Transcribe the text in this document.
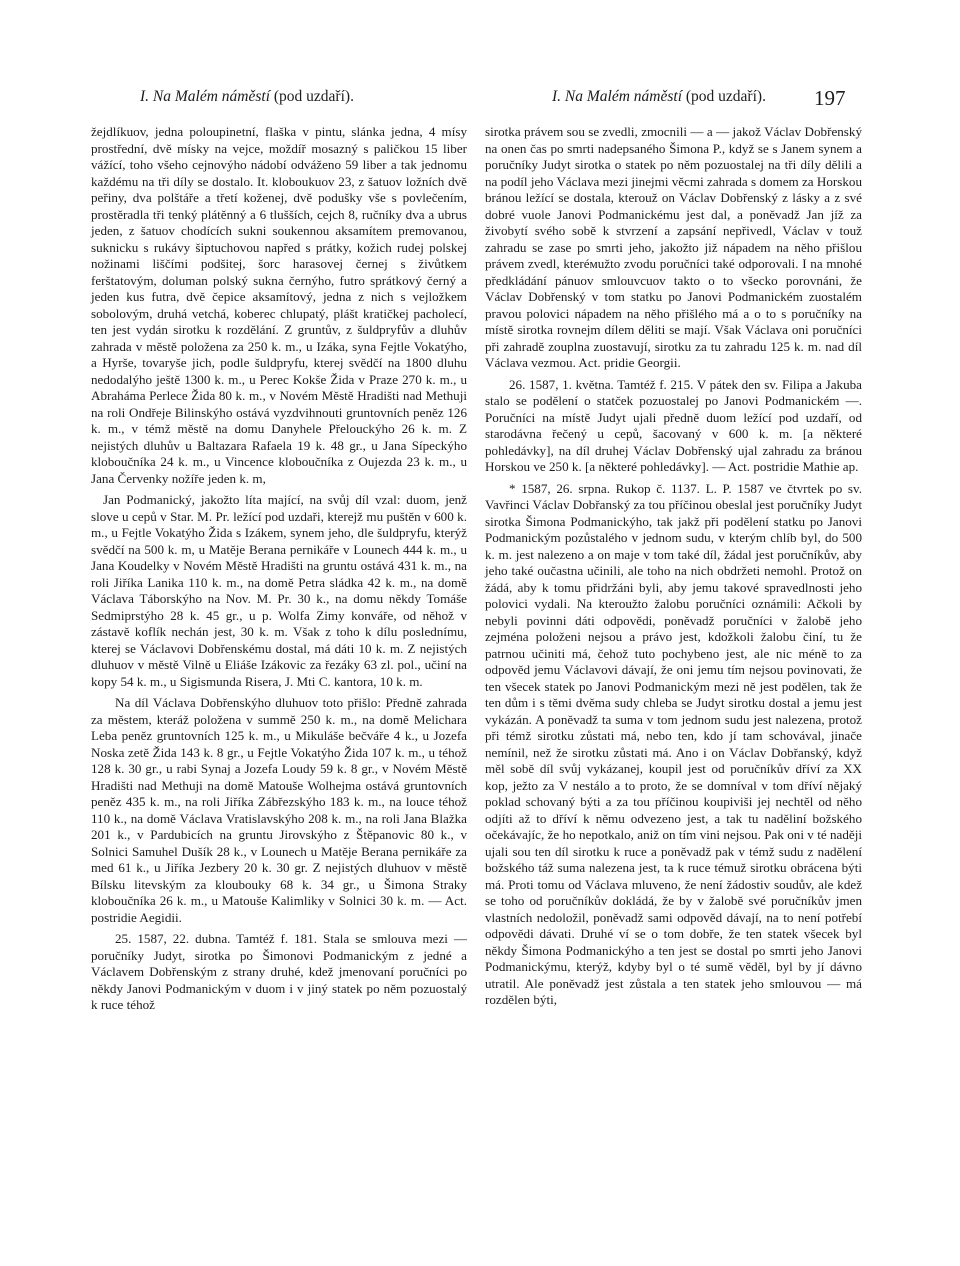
I. Na Malém náměstí (pod uzdaří).	I. Na Malém náměstí (pod uzdaří). 197

žejdlíkuov, jedna poloupinetní, flaška v pintu, slánka jedna, 4 mísy prostřední, dvě mísky na vejce, moždíř mosazný s paličkou 15 liber vážící, toho všeho cejnovýho nádobí odváženo 59 liber a tak jednomu každému na tři díly se dostalo. It. kloboukuov 23, z šatuov ložních dvě peřiny, dva polštáře a třetí koženej, dvě podušky vše s povlečením, prostěradla tři tenký plátěnný a 6 tlušších, cejch 8, ručníky dva a ubrus jeden, z šatuov chodících sukni soukennou aksamítem premovanou, suknicku s rukávy šiptuchovou napřed s prátky, kožich rudej polskej nožinami liščími podšitej, šorc harasovej černej s živůtkem ferštatovým, doluman polský sukna černýho, futro sprátkový černý a jeden kus futra, dvě čepice aksamítový, jedna z nich s vejložkem sobolovým, druhá vetchá, koberec chlupatý, plášt kratičkej pacholecí, ten jest vydán sirotku k rozdělání. Z gruntův, z šuldpryfův a dluhův zahrada v městě položena za 250 k. m., u Izáka, syna Fejtle Vokatýho, a Hyrše, tovaryše jich, podle šuldpryfu, kterej svědčí na 1800 dluhu nedodalýho ještě 1300 k. m., u Perec Kokše Žida v Praze 270 k. m., u Abraháma Perlece Žida 80 k. m., v Novém Městě Hradišti nad Methuji na roli Ondřeje Bilinskýho ostává vyzdvihnouti gruntovních peněz 126 k. m., v témž městě na domu Danyhele Přelouckýho 26 k. m. Z nejistých dluhův u Baltazara Rafaela 19 k. 48 gr., u Jana Sípeckýho kloboučníka 24 k. m., u Vincence kloboučníka z Oujezda 23 k. m., u Jana Červenky nožíře jeden k. m,

Jan Podmanický, jakožto líta mající, na svůj díl vzal: duom, jenž slove u cepů v Star. M. Pr. ležící pod uzdaři, kterejž mu puštěn v 600 k. m., u Fejtle Vokatýho Žida s Izákem, synem jeho, dle šuldpryfu, kterýž svědčí na 500 k. m, u Matěje Berana pernikáře v Lounech 444 k. m., u Jana Koudelky v Novém Městě Hradišti na gruntu ostává 431 k. m., na roli Jiříka Lanika 110 k. m., na domě Petra sládka 42 k. m., na domě Václava Táborskýho na Nov. M. Pr. 30 k., na domu někdy Tomáše Sedmiprstýho 28 k. 45 gr., u p. Wolfa Zimy konváře, od něhož v zástavě koflík nechán jest, 30 k. m. Však z toho k dílu poslednímu, kterej se Václavovi Dobřenskému dostal, má dáti 10 k. m. Z nejistých dluhuov v městě Vilně u Eliáše Izákovic za řezáky 63 zl. pol., učiní na kopy 54 k. m., u Sigismunda Risera, J. Mti C. kantora, 10 k. m.

Na díl Václava Dobřenskýho dluhuov toto přišlo: Předně zahrada za městem, kteráž položena v summě 250 k. m., na domě Melichara Leba peněz gruntovních 125 k. m., u Mikuláše bečváře 4 k., u Jozefa Noska zetě Žida 143 k. 8 gr., u Fejtle Vokatýho Žida 107 k. m., u téhož 128 k. 30 gr., u rabi Synaj a Jozefa Loudy 59 k. 8 gr., v Novém Městě Hradišti nad Methuji na domě Matouše Wolhejma ostává gruntovních peněz 435 k. m., na roli Jiříka Zábřezskýho 183 k. m., na louce téhož 110 k., na domě Václava Vratislavskýho 208 k. m., na roli Jana Blažka 201 k., v Pardubicích na gruntu Jirovskýho z Štěpanovic 80 k., v Solnici Samuhel Dušík 28 k., v Lounech u Matěje Berana pernikáře za med 61 k., u Jiříka Jezbery 20 k. 30 gr. Z nejistých dluhuov v městě Bílsku litevským za kloubouky 68 k. 34 gr., u Šimona Straky kloboučníka 26 k. m., u Matouše Kalimliky v Solnici 30 k. m. — Act. postridie Aegidii.

25. 1587, 22. dubna. Tamtéž f. 181. Stala se smlouva mezi — poručníky Judyt, sirotka po Šimonovi Podmanickým z jedné a Václavem Dobřenským z strany druhé, kdež jmenovaní poručníci po někdy Janovi Podmanickým v duom i v jiný statek po něm pozuostalý k ruce téhož

sirotka právem sou se zvedli, zmocnili — a — jakož Václav Dobřenský na onen čas po smrti nadepsaného Šimona P., když se s Janem synem a poručníky Judyt sirotka o statek po něm pozuostalej na tři díly dělili a na podíl jeho Václava mezi jinejmi věcmi zahrada s domem za Horskou bránou ležící se dostala, kterouž on Václav Dobřenský z lásky a z své dobré vuole Janovi Podmanickému jest dal, a poněvadž Jan jíž za živobytí svého sobě k stvrzení a zapsání nepřivedl, Václav v touž zahradu se zase po smrti jeho, jakožto již nápadem na něho přišlou právem zvedl, kteréмužto zvodu poručníci také odporovali. I na mnohé předkládání pánuov smlouvcuov takto o to všecko porovnáni, že Václav Dobřenský v tom statku po Janovi Podmanickém zuostalém pravou polovici nápadem na něho přišlého má a o to s poručníky na místě sirotka rovnejm dílem děliti se mají. Však Václava oni poručníci při zahradě zouplna zuostavují, sirotku za tu zahradu 125 k. m. nad díl Václava vezmou. Act. pridie Georgii.

26. 1587, 1. května. Tamtéž f. 215. V pátek den sv. Filipa a Jakuba stalo se podělení o statček pozuostalej po Janovi Podmanickém —. Poručníci na místě Judyt ujali předně duom ležící pod uzdaří, od starodávna řečený u cepů, šacovaný v 600 k. m. [a některé pohledávky], na díl druhej Václav Dobřenský ujal zahradu za bránou Horskou ve 250 k. [a některé pohledávky]. — Act. postridie Mathie ap.

* 1587, 26. srpna. Rukop č. 1137. L. P. 1587 ve čtvrtek po sv. Vavřinci Václav Dobřanský za tou příčinou obeslal jest poručníky Judyt sirotka Šimona Podmanickýho, tak jakž při podělení statku po Janovi Podmanickým pozůstalého v jednom sudu, v kterým chlíb byl, do 500 k. m. jest nalezeno a on maje v tom také díl, žádal jest poručníkův, aby jeho také oučastna učinili, ale toho na nich obdržeti nemohl. Protož on žádá, aby k tomu přidržáni byli, aby jemu takové spravedlnosti jeho polovici vydali. Na kteroužto žalobu poručníci oznámili: Ačkoli by nebyli povinni dáti odpovědi, poněvadž poručníci v žalobě jeho zejména položeni nejsou a právo jest, kdožkoli žalobu činí, tu že patrnou učiniti má, čehož tuto pochybeno jest, ale nic méně to za odpověd jemu Václavovi dávají, že oni jemu tím nejsou povinovati, že ten všecek statek po Janovi Podmanickým mezi ně jest podělen, tak že ten dům i s těmi dvěma sudy chleba se Judyt sirotku dostal a jemu jest vykázán. A poněvadž ta suma v tom jednom sudu jest nalezena, protož při témž sirotku zůstati má, nebo ten, kdo jí tam schovával, jinače nemínil, než že sirotku zůstati má. Ano i on Václav Dobřanský, když měl sobě díl svůj vykázanej, koupil jest od poručníkův dříví za XX kop, ježto za V nestálo a to proto, že se domníval v tom dříví nějaký poklad schovaný býti a za tou příčinou koupiviši jej nechtěl od něho odjíti až to dříví k němu odvezeno jest, a tak tu naděliní božského očekávajíc, že ho nepotkalo, aniž on tím vini nejsou. Pak oni v té naději ujali sou ten díl sirotku k ruce a poněvadž pak v témž sudu z nadělení božského táž suma nalezena jest, ta k ruce témuž sirotku obrácena býti má. Proti tomu od Václava mluveno, že není žádostiv soudův, ale kdež se toho od poručníkův dokládá, že by v žalobě své poručníkův jmen vlastních nedoložil, poněvadž sami odpověd dávají, na to není potřebí odpovědi dávati. Druhé ví se o tom dobře, že ten statek všecek byl někdy Šimona Podmanickýho a ten jest se dostal po smrti jeho Janovi Podmanickýmu, kterýž, kdyby byl o té sumě věděl, byl by jí dávno utratil. Ale poněvadž jest zůstala a ten statek jeho smlouvou — má rozdělen býti,
